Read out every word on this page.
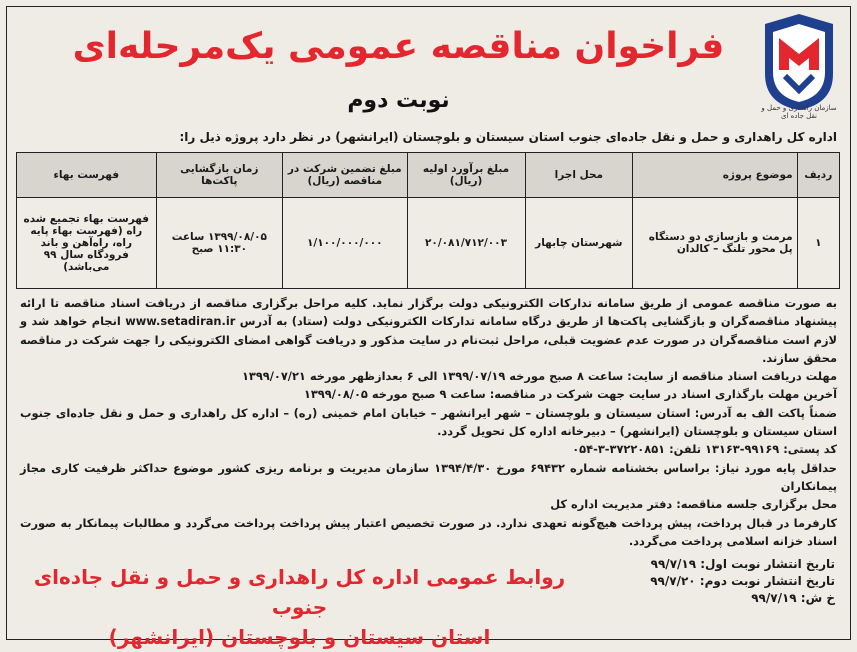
سازمان راهداری و حمل و نقل جاده ای
فراخوان مناقصه عمومی یک‌مرحله‌ای
نوبت دوم
اداره کل راهداری و حمل و نقل جاده‌ای جنوب استان سیستان و بلوچستان (ایرانشهر) در نظر دارد پروژه ذیل را:
ردیف	موضوع پروژه	محل اجرا	مبلغ برآورد اولیه (ریال)	مبلغ تضمین شرکت در مناقصه (ریال)	زمان بازگشایی پاکت‌ها	فهرست بهاء
۱	مرمت و بازسازی دو دستگاه پل محور تلنگ – کالدان	شهرستان چابهار	۲۰/۰۸۱/۷۱۲/۰۰۳	۱/۱۰۰/۰۰۰/۰۰۰	۱۳۹۹/۰۸/۰۵ ساعت ۱۱:۳۰ صبح	فهرست بهاء تجمیع شده راه (فهرست بهاء پایه راه، راه‌آهن و باند فرودگاه سال ۹۹ می‌باشد)

به صورت مناقصه عمومی از طریق سامانه تدارکات الکترونیکی دولت برگزار نماید. کلیه مراحل برگزاری مناقصه از دریافت اسناد مناقصه تا ارائه پیشنهاد مناقصه‌گران و بازگشایی پاکت‌ها از طریق درگاه سامانه تدارکات الکترونیکی دولت (ستاد) به آدرس www.setadiran.ir انجام خواهد شد و لازم است مناقصه‌گران در صورت عدم عضویت قبلی، مراحل ثبت‌نام در سایت مذکور و دریافت گواهی امضای الکترونیکی را جهت شرکت در مناقصه محقق سازند.

مهلت دریافت اسناد مناقصه از سایت: ساعت ۸ صبح مورخه ۱۳۹۹/۰۷/۱۹ الی ۶ بعدازظهر مورخه ۱۳۹۹/۰۷/۲۱

آخرین مهلت بارگذاری اسناد در سایت جهت شرکت در مناقصه: ساعت ۹ صبح مورخه ۱۳۹۹/۰۸/۰۵

ضمناً پاکت الف به آدرس: استان سیستان و بلوچستان – شهر ایرانشهر – خیابان امام خمینی (ره) – اداره کل راهداری و حمل و نقل جاده‌ای جنوب استان سیستان و بلوچستان (ایرانشهر) – دبیرخانه اداره کل تحویل گردد.

کد پستی: ۹۹۱۶۹-۱۳۱۶۳ تلفن: ۳۷۲۲۰۸۵۱-۳-۰۵۴

حداقل پایه مورد نیاز: براساس بخشنامه شماره ۶۹۴۳۲ مورخ ۱۳۹۴/۴/۳۰ سازمان مدیریت و برنامه ریزی کشور موضوع حداکثر ظرفیت کاری مجاز پیمانکاران

محل برگزاری جلسه مناقصه: دفتر مدیریت اداره کل

کارفرما در قبال پرداخت، پیش پرداخت هیچ‌گونه تعهدی ندارد. در صورت تخصیص اعتبار پیش پرداخت پرداخت می‌گردد و مطالبات پیمانکار به صورت اسناد خزانه اسلامی پرداخت می‌گردد.

روابط عمومی اداره کل راهداری و حمل و نقل جاده‌ای جنوب
استان سیستان و بلوچستان (ایرانشهر)
تاریخ انتشار نوبت اول: ۹۹/۷/۱۹
تاریخ انتشار نوبت دوم: ۹۹/۷/۲۰
خ ش: ۹۹/۷/۱۹
